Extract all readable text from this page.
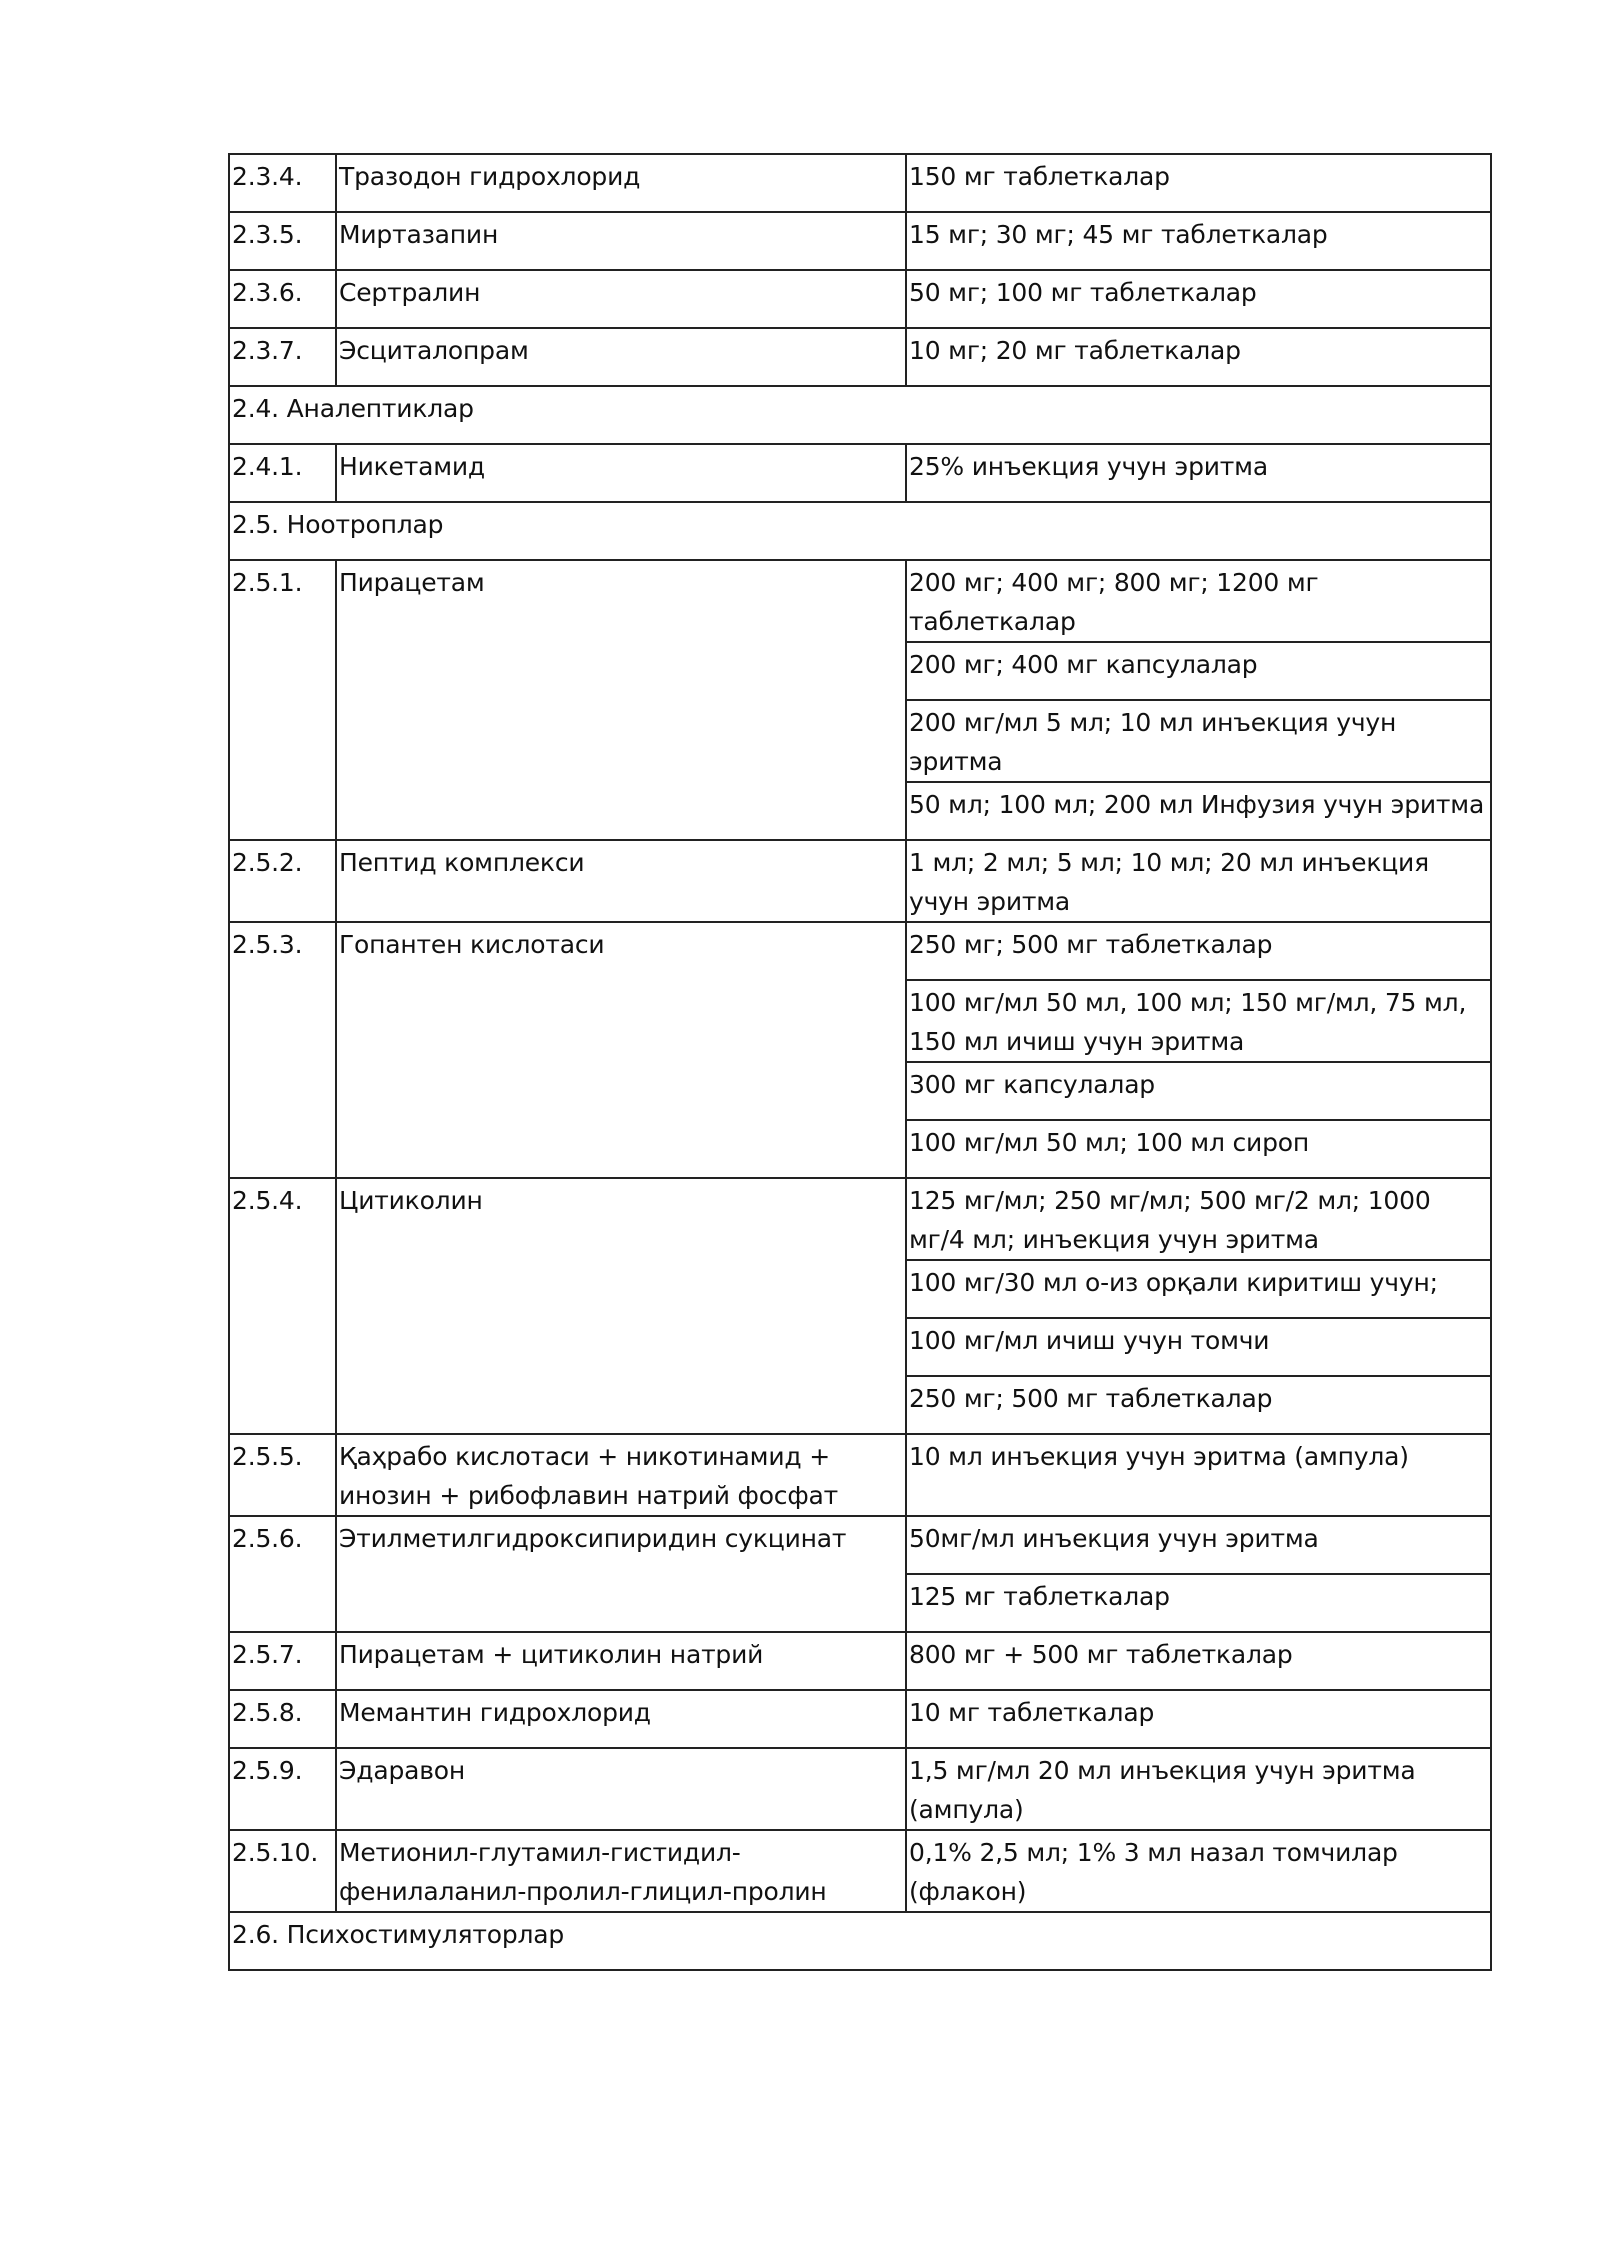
2.3.4.	Тразодон гидрохлорид	150 мг таблеткалар
2.3.5.	Миртазапин	15 мг; 30 мг; 45 мг таблеткалар
2.3.6.	Сертралин	50 мг; 100 мг таблеткалар
2.3.7.	Эсциталопрам	10 мг; 20 мг таблеткалар
2.4. Аналептиклар		
2.4.1.	Никетамид	25% инъекция учун эритма
2.5. Ноотроплар		
2.5.1.	Пирацетам	200 мг; 400 мг; 800 мг; 1200 мг таблеткалар
		200 мг; 400 мг капсулалар
		200 мг/мл 5 мл; 10 мл инъекция учун эритма
		50 мл; 100 мл; 200 мл Инфузия учун эритма
2.5.2.	Пептид комплекси	1 мл; 2 мл; 5 мл; 10 мл; 20 мл инъекция учун эритма
2.5.3.	Гопантен кислотаси	250 мг; 500 мг таблеткалар
		100 мг/мл 50 мл, 100 мл; 150 мг/мл, 75 мл, 150 мл ичиш учун эритма
		300 мг капсулалар
		100 мг/мл 50 мл; 100 мл сироп
2.5.4.	Цитиколин	125 мг/мл; 250 мг/мл; 500 мг/2 мл; 1000 мг/4 мл; инъекция учун эритма
		100 мг/30 мл о-из орқали киритиш учун;
		100 мг/мл ичиш учун томчи
		250 мг; 500 мг таблеткалар
2.5.5.	Қаҳрабо кислотаси + никотинамид + инозин + рибофлавин натрий фосфат	10 мл инъекция учун эритма (ампула)
2.5.6.	Этилметилгидроксипиридин сукцинат	50мг/мл инъекция учун эритма
		125 мг таблеткалар
2.5.7.	Пирацетам + цитиколин натрий	800 мг + 500 мг таблеткалар
2.5.8.	Мемантин гидрохлорид	10 мг таблеткалар
2.5.9.	Эдаравон	1,5 мг/мл 20 мл инъекция учун эритма (ампула)
2.5.10.	Метионил-глутамил-гистидил-фенилаланил-пролил-глицил-пролин	0,1% 2,5 мл; 1% 3 мл назал томчилар (флакон)
2.6. Психостимуляторлар		
